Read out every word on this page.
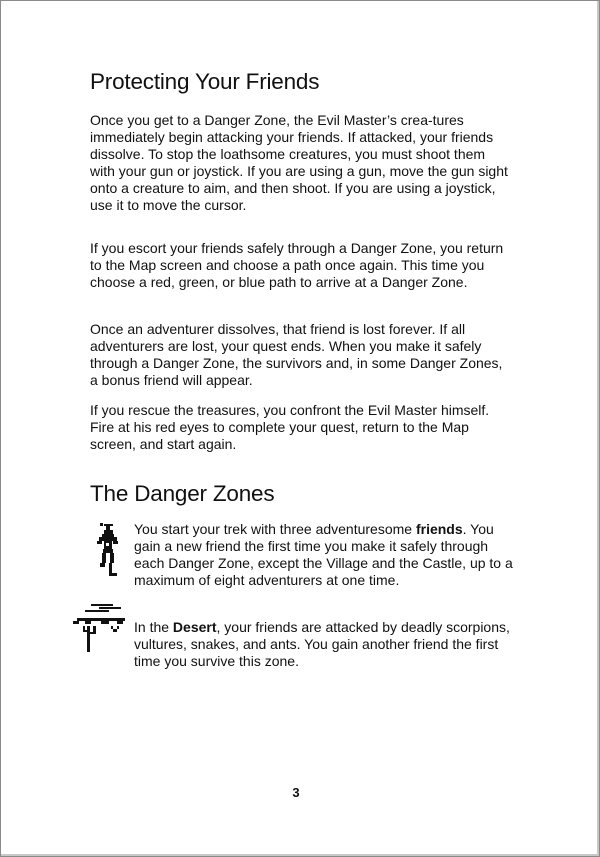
Protecting Your Friends

Once you get to a Danger Zone, the Evil Master’s crea-tures immediately begin attacking your friends. If attacked, your friends dissolve. To stop the loathsome creatures, you must shoot them with your gun or joystick. If you are using a gun, move the gun sight onto a creature to aim, and then shoot. If you are using a joystick, use it to move the cursor.

If you escort your friends safely through a Danger Zone, you return to the Map screen and choose a path once again. This time you choose a red, green, or blue path to arrive at a Danger Zone.

Once an adventurer dissolves, that friend is lost forever. If all adventurers are lost, your quest ends. When you make it safely through a Danger Zone, the survivors and, in some Danger Zones, a bonus friend will appear.

If you rescue the treasures, you confront the Evil Master himself. Fire at his red eyes to complete your quest, return to the Map screen, and start again.

The Danger Zones
You start your trek with three adventuresome friends. You gain a new friend the first time you make it safely through each Danger Zone, except the Village and the Castle, up to a maximum of eight adventurers at one time.
In the Desert, your friends are attacked by deadly scorpions, vultures, snakes, and ants. You gain another friend the first time you survive this zone.
3
